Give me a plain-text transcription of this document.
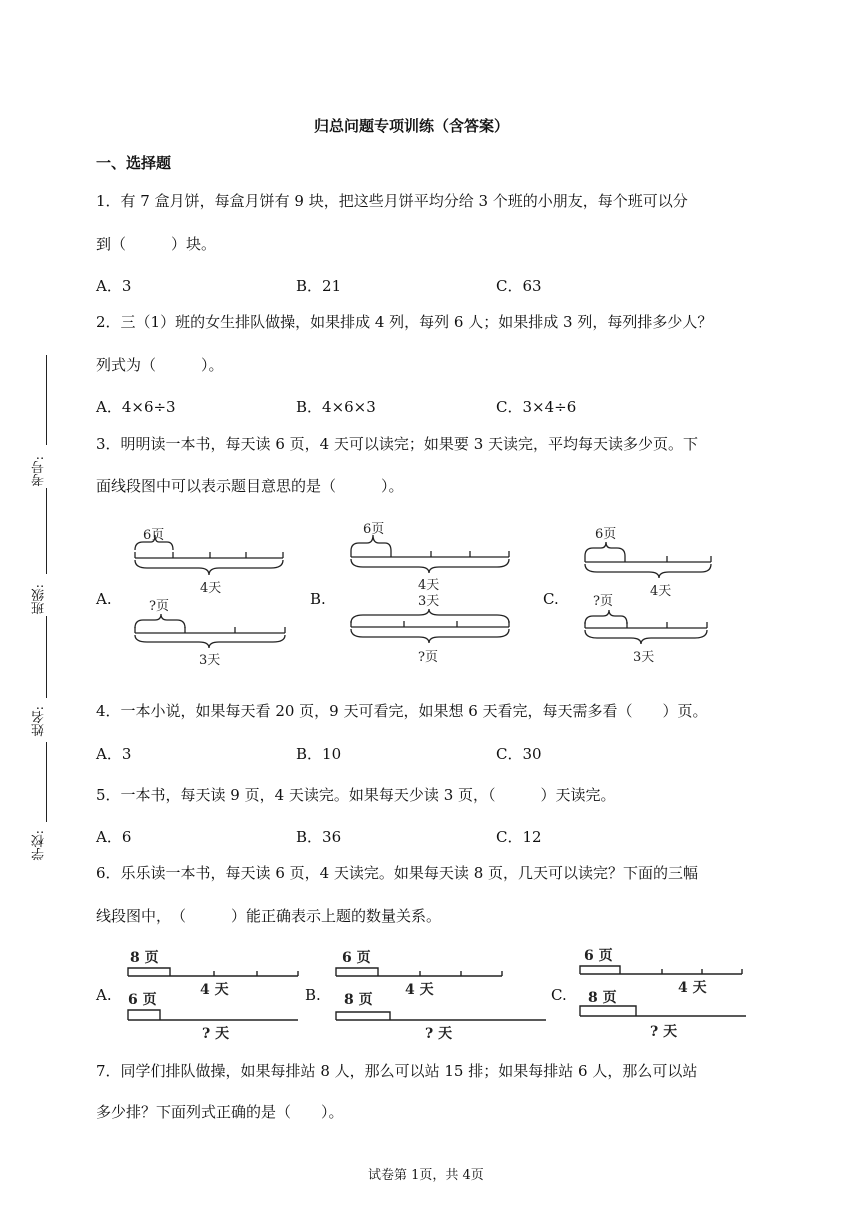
归总问题专项训练（含答案）
一、选择题
考号:
班级:
姓名:
学校:
1．有 7 盒月饼，每盒月饼有 9 块，把这些月饼平均分给 3 个班的小朋友，每个班可以分
到（　　　）块。
A．3	B．21	C．63
2．三（1）班的女生排队做操，如果排成 4 列，每列 6 人；如果排成 3 列，每列排多少人？
列式为（　　　）。
A．4×6÷3	B．4×6×3	C．3×4÷6
3．明明读一本书，每天读 6 页，4 天可以读完；如果要 3 天读完，平均每天读多少页。下
面线段图中可以表示题目意思的是（　　　）。
A.	B.	C.
6页
4天
?页
3天
6页
4天
3天
?页
6页
4天
?页
3天
4．一本小说，如果每天看 20 页，9 天可看完，如果想 6 天看完，每天需多看（　　）页。
A．3	B．10	C．30
5．一本书，每天读 9 页，4 天读完。如果每天少读 3 页，（　　　）天读完。
A．6	B．36	C．12
6．乐乐读一本书，每天读 6 页，4 天读完。如果每天读 8 页，几天可以读完？下面的三幅
线段图中，　（　　　）能正确表示上题的数量关系。
A.	B.	C.
8 页
4 天
6 页
? 天
6 页
4 天
8 页
? 天
6 页
4 天
8 页
? 天
7．同学们排队做操，如果每排站 8 人，那么可以站 15 排；如果每排站 6 人，那么可以站
多少排？下面列式正确的是（　　）。
试卷第 1页，共 4页
